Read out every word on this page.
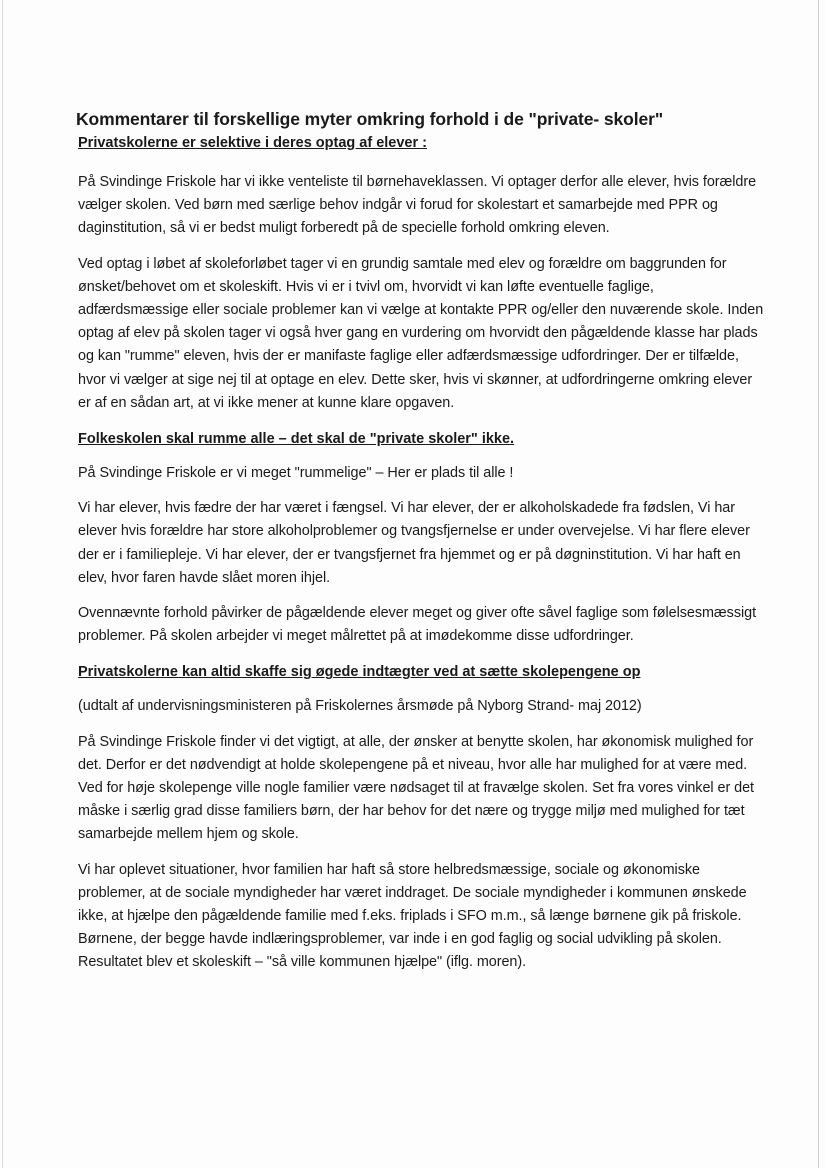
Kommentarer til forskellige myter omkring forhold i de "private- skoler"
Privatskolerne er selektive i deres optag af elever :

På Svindinge Friskole har vi ikke venteliste til børnehaveklassen. Vi optager derfor alle elever, hvis forældre vælger skolen. Ved børn med særlige behov indgår vi forud for skolestart et samarbejde med PPR og daginstitution, så vi er bedst muligt forberedt på de specielle forhold omkring eleven.

Ved optag i løbet af skoleforløbet tager vi en grundig samtale med elev og forældre om baggrunden for ønsket/behovet om et skoleskift. Hvis vi er i tvivl om, hvorvidt vi kan løfte eventuelle faglige, adfærdsmæssige eller sociale problemer kan vi vælge at kontakte PPR og/eller den nuværende skole. Inden optag af elev på skolen tager vi også hver gang en vurdering om hvorvidt den pågældende klasse har plads og kan "rumme" eleven, hvis der er manifaste faglige eller adfærdsmæssige udfordringer. Der er tilfælde, hvor vi vælger at sige nej til at optage en elev. Dette sker, hvis vi skønner, at udfordringerne omkring elever er af en sådan art, at vi ikke mener at kunne klare opgaven.

Folkeskolen skal rumme alle – det skal de "private skoler" ikke.

På Svindinge Friskole er vi meget "rummelige" – Her er plads til alle !

Vi har elever, hvis fædre der har været i fængsel. Vi har elever, der er alkoholskadede fra fødslen, Vi har elever hvis forældre har store alkoholproblemer og tvangsfjernelse er under overvejelse. Vi har flere elever der er i familiepleje. Vi har elever, der er tvangsfjernet fra hjemmet og er på døgninstitution. Vi har haft en elev, hvor faren havde slået moren ihjel.

Ovennævnte forhold påvirker de pågældende elever meget og giver ofte såvel faglige som følelsesmæssigt problemer. På skolen arbejder vi meget målrettet på at imødekomme disse udfordringer.

Privatskolerne kan altid skaffe sig øgede indtægter ved at sætte skolepengene op

(udtalt af undervisningsministeren på Friskolernes årsmøde på Nyborg Strand- maj 2012)

På Svindinge Friskole finder vi det vigtigt, at alle, der ønsker at benytte skolen, har økonomisk mulighed for det. Derfor er det nødvendigt at holde skolepengene på et niveau, hvor alle har mulighed for at være med. Ved for høje skolepenge ville nogle familier være nødsaget til at fravælge skolen. Set fra vores vinkel er det måske i særlig grad disse familiers børn, der har behov for det nære og trygge miljø med mulighed for tæt samarbejde mellem hjem og skole.

Vi har oplevet situationer, hvor familien har haft så store helbredsmæssige, sociale og økonomiske problemer, at de sociale myndigheder har været inddraget. De sociale myndigheder i kommunen ønskede ikke, at hjælpe den pågældende familie med f.eks. friplads i SFO m.m., så længe børnene gik på friskole. Børnene, der begge havde indlæringsproblemer, var inde i en god faglig og social udvikling på skolen. Resultatet blev et skoleskift – "så ville kommunen hjælpe" (iflg. moren).
